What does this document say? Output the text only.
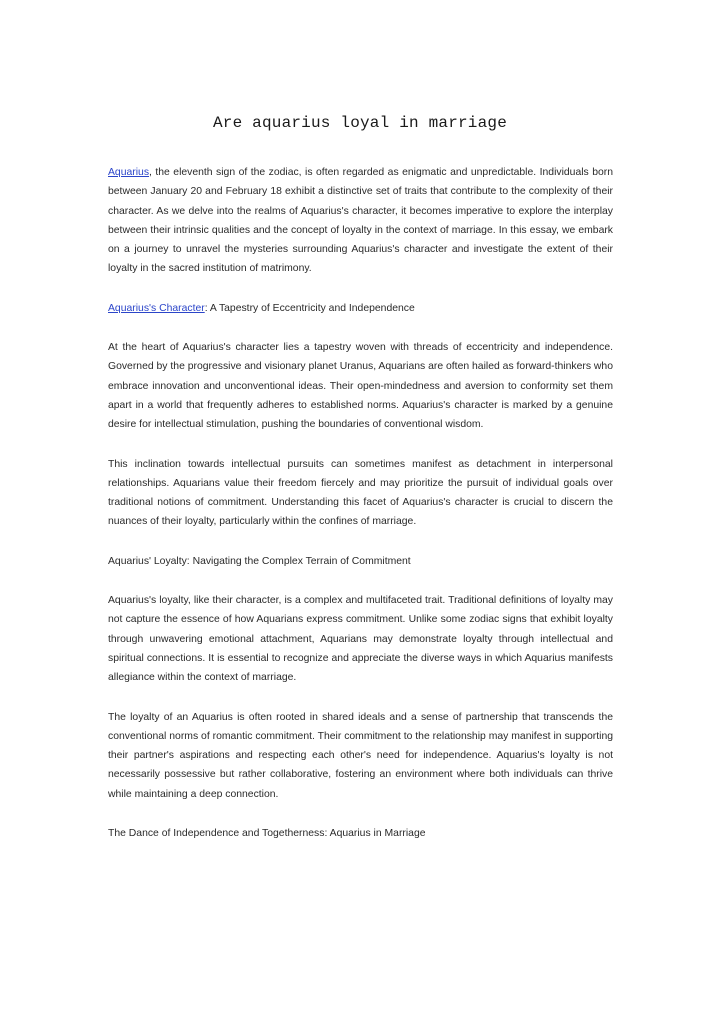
Are aquarius loyal in marriage

Aquarius, the eleventh sign of the zodiac, is often regarded as enigmatic and unpredictable. Individuals born between January 20 and February 18 exhibit a distinctive set of traits that contribute to the complexity of their character. As we delve into the realms of Aquarius's character, it becomes imperative to explore the interplay between their intrinsic qualities and the concept of loyalty in the context of marriage. In this essay, we embark on a journey to unravel the mysteries surrounding Aquarius's character and investigate the extent of their loyalty in the sacred institution of matrimony.

Aquarius's Character: A Tapestry of Eccentricity and Independence

At the heart of Aquarius's character lies a tapestry woven with threads of eccentricity and independence. Governed by the progressive and visionary planet Uranus, Aquarians are often hailed as forward-thinkers who embrace innovation and unconventional ideas. Their open-mindedness and aversion to conformity set them apart in a world that frequently adheres to established norms. Aquarius's character is marked by a genuine desire for intellectual stimulation, pushing the boundaries of conventional wisdom.

This inclination towards intellectual pursuits can sometimes manifest as detachment in interpersonal relationships. Aquarians value their freedom fiercely and may prioritize the pursuit of individual goals over traditional notions of commitment. Understanding this facet of Aquarius's character is crucial to discern the nuances of their loyalty, particularly within the confines of marriage.

Aquarius' Loyalty: Navigating the Complex Terrain of Commitment

Aquarius's loyalty, like their character, is a complex and multifaceted trait. Traditional definitions of loyalty may not capture the essence of how Aquarians express commitment. Unlike some zodiac signs that exhibit loyalty through unwavering emotional attachment, Aquarians may demonstrate loyalty through intellectual and spiritual connections. It is essential to recognize and appreciate the diverse ways in which Aquarius manifests allegiance within the context of marriage.

The loyalty of an Aquarius is often rooted in shared ideals and a sense of partnership that transcends the conventional norms of romantic commitment. Their commitment to the relationship may manifest in supporting their partner's aspirations and respecting each other's need for independence. Aquarius's loyalty is not necessarily possessive but rather collaborative, fostering an environment where both individuals can thrive while maintaining a deep connection.

The Dance of Independence and Togetherness: Aquarius in Marriage
